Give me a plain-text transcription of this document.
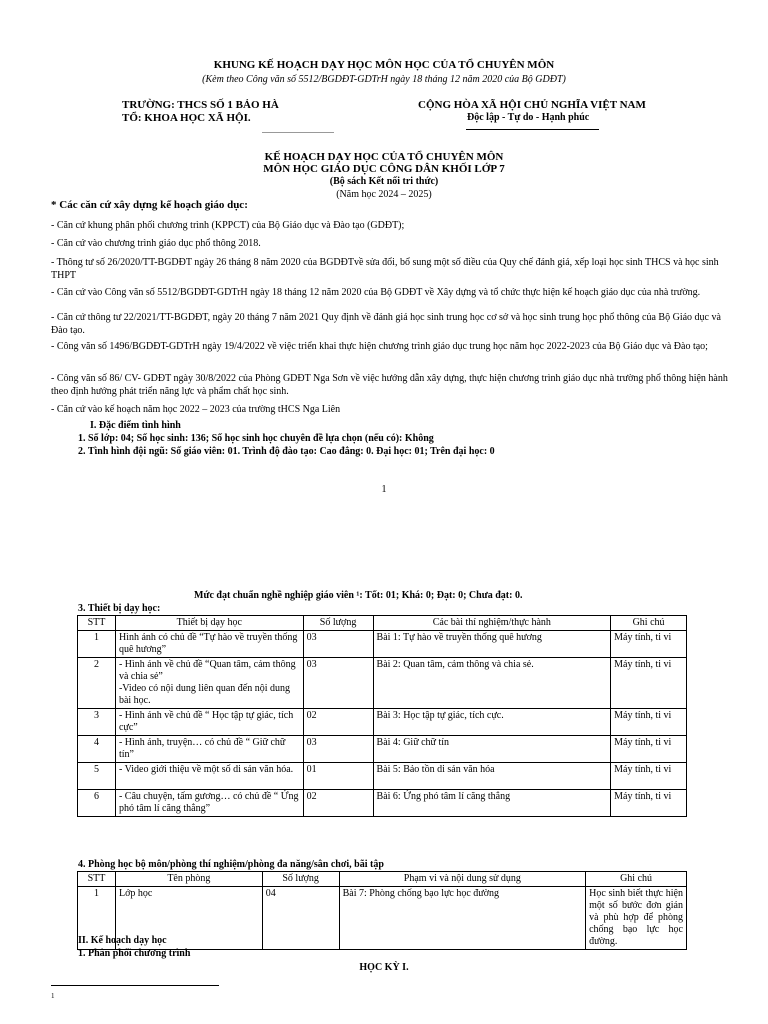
KHUNG KẾ HOẠCH DẠY HỌC MÔN HỌC CỦA TỔ CHUYÊN MÔN
(Kèm theo Công văn số 5512/BGDĐT-GDTrH ngày 18 tháng 12 năm 2020 của Bộ GDĐT)
TRƯỜNG: THCS SỐ 1 BẢO HÀ
TỔ: KHOA HỌC XÃ HỘI.
CỘNG HÒA XÃ HỘI CHỦ NGHĨA VIỆT NAM
Độc lập - Tự do - Hạnh phúc
KẾ HOẠCH DẠY HỌC CỦA TỔ CHUYÊN MÔN
MÔN HỌC GIÁO DỤC CÔNG DÂN KHỐI LỚP 7
(Bộ sách Kết nối tri thức)
(Năm học 2024 – 2025)
* Các căn cứ xây dựng kế hoạch giáo dục:

- Căn cứ khung phân phối chương trình (KPPCT) của Bộ Giáo dục và Đào tạo (GDĐT);

- Căn cứ vào chương trình giáo dục phổ thông 2018.

- Thông tư số 26/2020/TT-BGDĐT ngày 26 tháng 8 năm 2020 của BGDĐTvề sửa đổi, bổ sung một số điều của Quy chế đánh giá, xếp loại học sinh THCS và học sinh THPT

- Căn cứ vào Công văn số 5512/BGDĐT-GDTrH ngày 18 tháng 12 năm 2020 của Bộ GDĐT về Xây dựng và tổ chức thực hiện kế hoạch giáo dục của nhà trường.

- Căn cứ thông tư 22/2021/TT-BGDĐT, ngày 20 tháng 7 năm 2021 Quy định về đánh giá học sinh trung học cơ sở và học sinh trung học phổ thông của Bộ Giáo dục và Đào tạo.

- Công văn số 1496/BGDĐT-GDTrH ngày 19/4/2022 về việc triển khai thực hiện chương trình giáo dục trung học năm học 2022-2023 của Bộ Giáo dục và Đào tạo;

- Công văn số 86/ CV- GDĐT ngày 30/8/2022 của Phòng GDĐT Nga Sơn về việc hướng dẫn xây dựng, thực hiện chương trình giáo dục nhà trường phổ thông hiện hành theo định hướng phát triển năng lực và phẩm chất học sinh.

- Căn cứ vào kế hoạch năm học 2022 – 2023 của trường tHCS Nga Liên

I. Đặc điểm tình hình
1. Số lớp: 04; Số học sinh: 136; Số học sinh học chuyên đề lựa chọn (nếu có): Không
2. Tình hình đội ngũ: Số giáo viên: 01. Trình độ đào tạo: Cao đẳng: 0. Đại học: 01; Trên đại học: 0
1
Mức đạt chuẩn nghề nghiệp giáo viên ¹: Tốt: 01; Khá: 0; Đạt: 0; Chưa đạt: 0.
3. Thiết bị dạy học:
STT	Thiết bị dạy học	Số lượng	Các bài thí nghiệm/thực hành	Ghi chú
1	Hình ảnh có chủ đề “Tự hào về truyền thống quê hương”	03	Bài 1: Tự hào về truyền thống quê hương	Máy tính, ti vi
2	- Hình ảnh về chủ đề “Quan tâm, cảm thông và chia sẻ”
-Video có nội dung liên quan đến nội dung bài học.	03	Bài 2: Quan tâm, cảm thông và chia sẻ.	Máy tính, ti vi
3	- Hình ảnh về chủ đề “ Học tập tự giác, tích cực”	02	Bài 3: Học tập tự giác, tích cực.	Máy tính, ti vi
4	- Hình ảnh, truyện… có chủ đề “ Giữ chữ tín”	03	Bài 4: Giữ chữ tín	Máy tính, ti vi
5	- Video giới thiệu về một số di sản văn hóa.	01	Bài 5: Bảo tồn di sản văn hóa	Máy tính, ti vi
6	- Câu chuyện, tấm gương… có chủ đề “ Ứng phó tâm lí căng thẳng”	02	Bài 6: Ứng phó tâm lí căng thẳng	Máy tính, ti vi
4. Phòng học bộ môn/phòng thí nghiệm/phòng đa năng/sân chơi, bãi tập
STT	Tên phòng	Số lượng	Phạm vi và nội dung sử dụng	Ghi chú
1	Lớp học	04	Bài 7: Phòng chống bạo lực học đường	Học sinh biết thực hiện một số bước đơn giản và phù hợp để phòng chống bạo lực học đường.
II. Kế hoạch dạy học
1. Phân phối chương trình
HỌC KỲ I.
1
